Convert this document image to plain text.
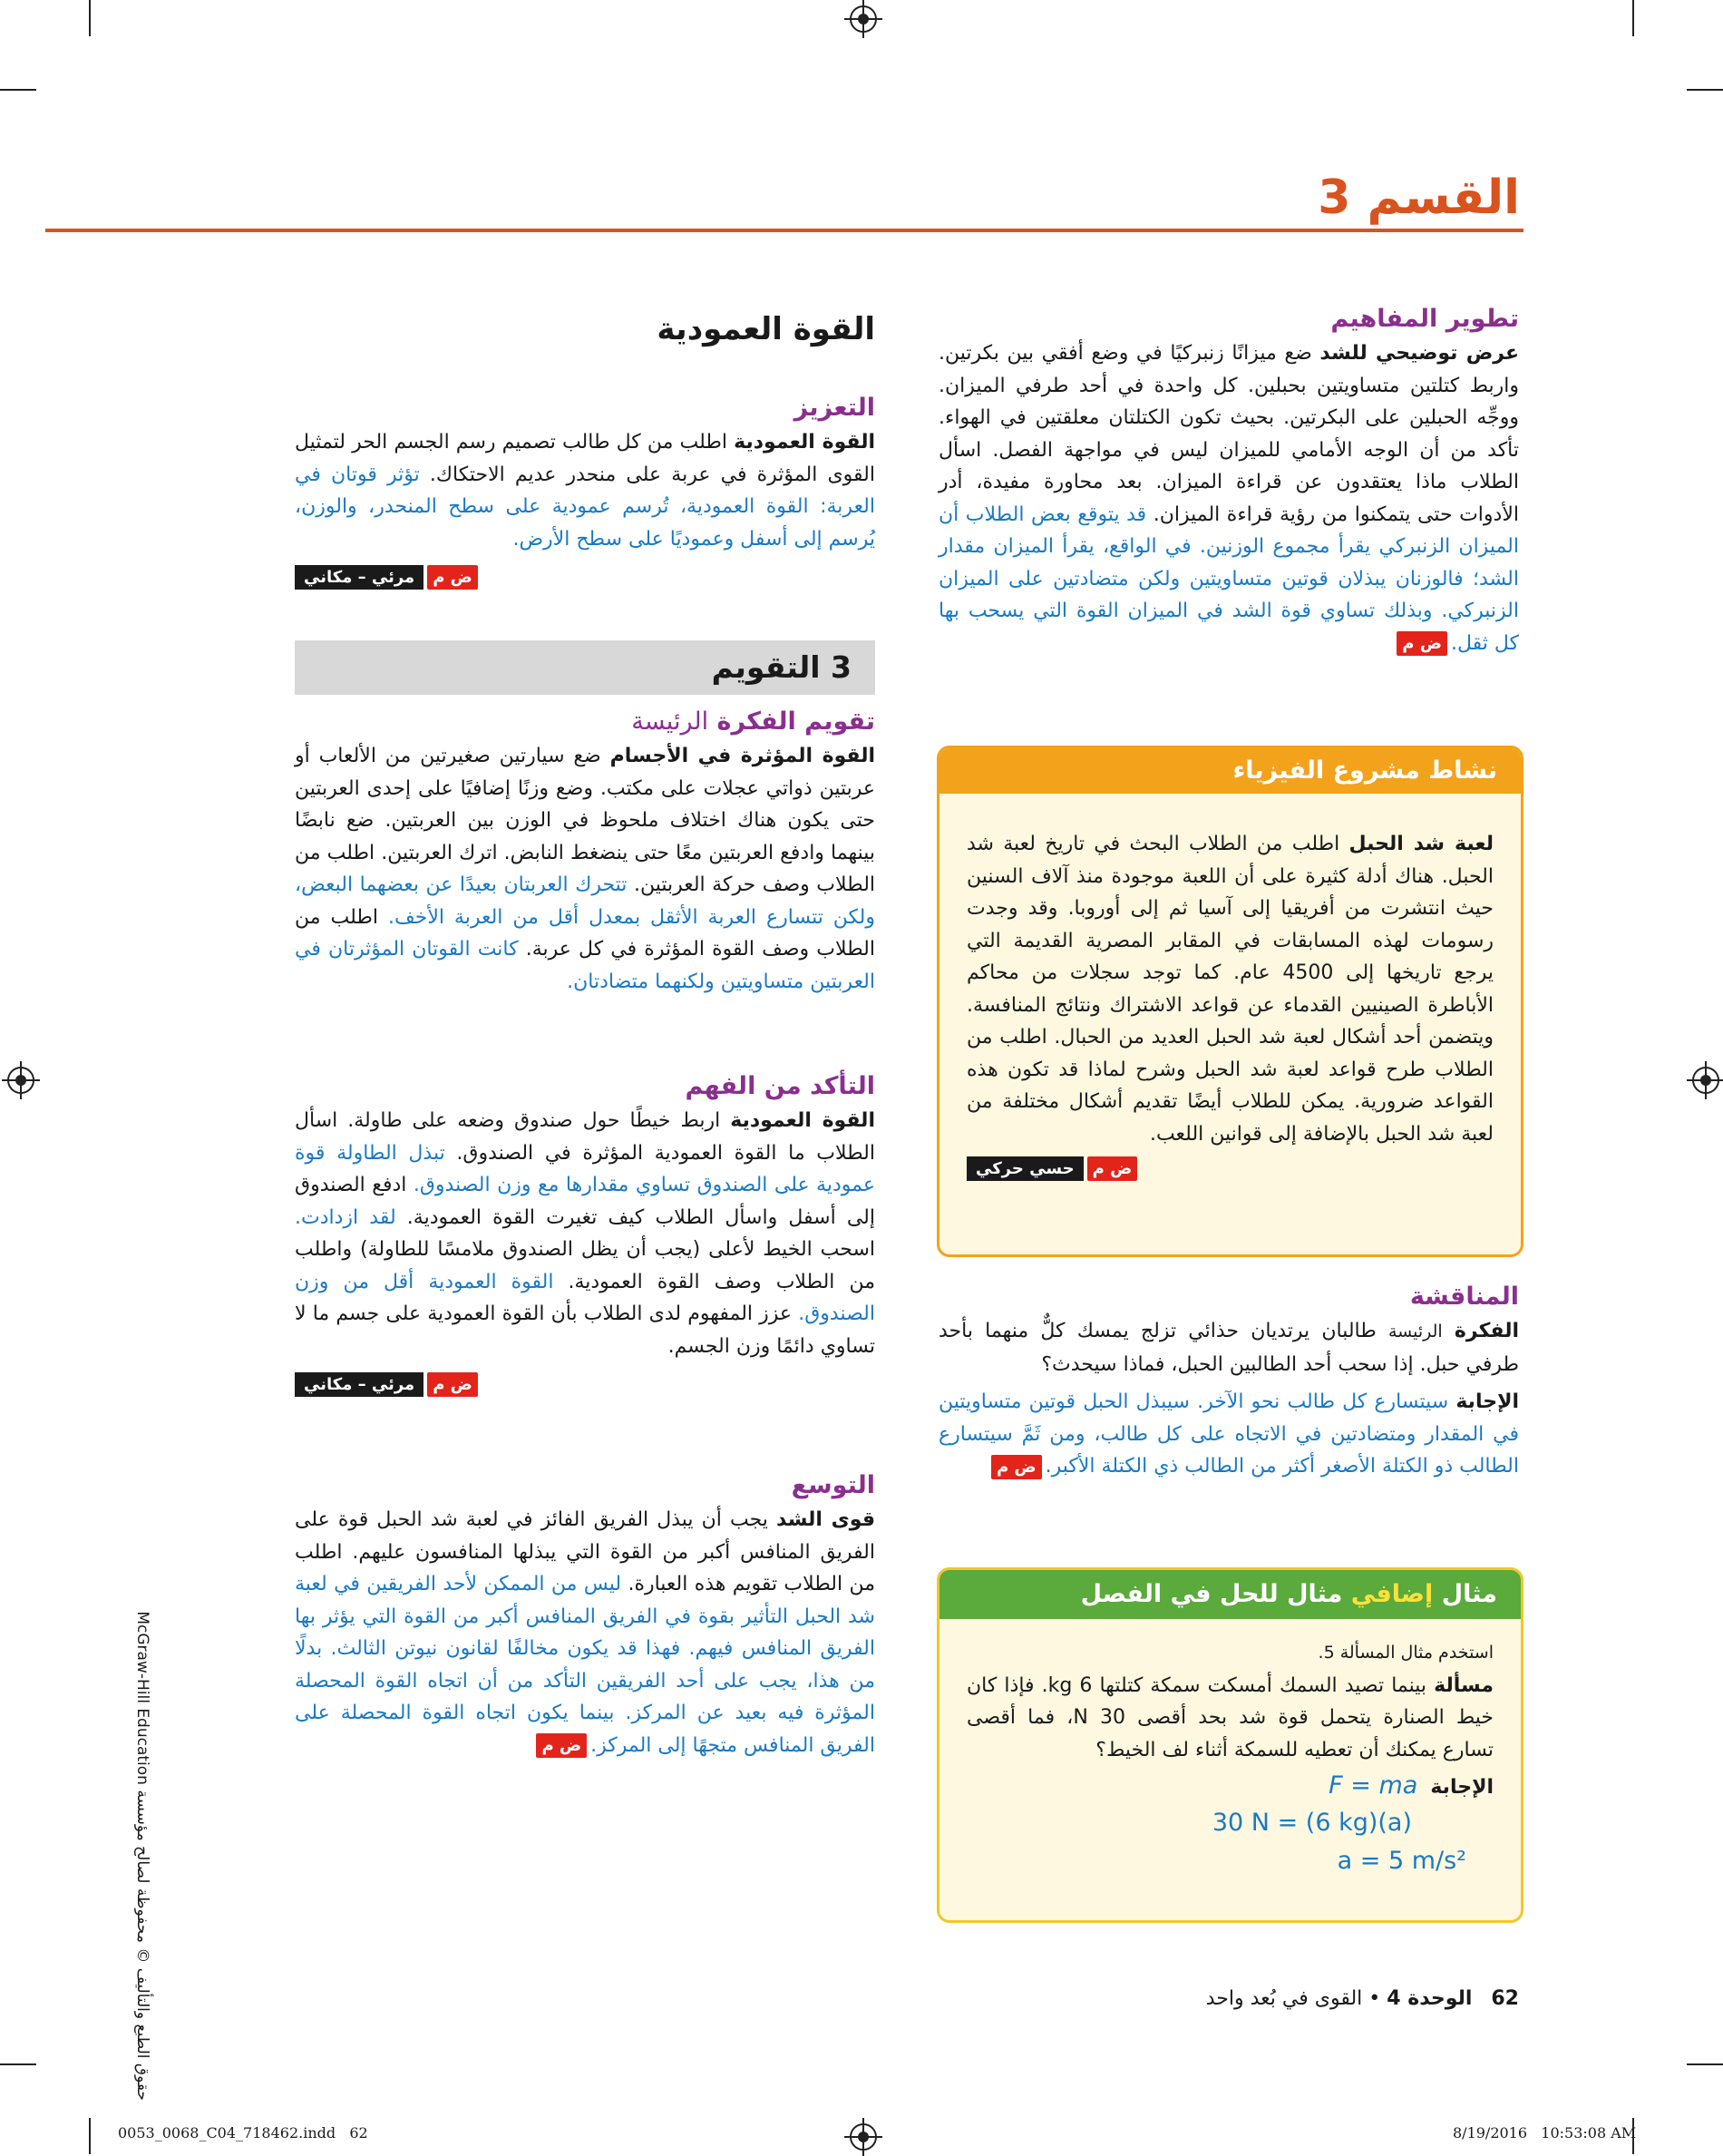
القسم 3
تطوير المفاهيم

عرض توضيحي للشد ضع ميزانًا زنبركيًا في وضع أفقي بين بكرتين. واربط كتلتين متساويتين بحبلين. كل واحدة في أحد طرفي الميزان. ووجِّه الحبلين على البكرتين. بحيث تكون الكتلتان معلقتين في الهواء. تأكد من أن الوجه الأمامي للميزان ليس في مواجهة الفصل. اسأل الطلاب ماذا يعتقدون عن قراءة الميزان. بعد محاورة مفيدة، أدر الأدوات حتى يتمكنوا من رؤية قراءة الميزان. قد يتوقع بعض الطلاب أن الميزان الزنبركي يقرأ مجموع الوزنين. في الواقع، يقرأ الميزان مقدار الشد؛ فالوزنان يبذلان قوتين متساويتين ولكن متضادتين على الميزان الزنبركي. وبذلك تساوي قوة الشد في الميزان القوة التي يسحب بها كل ثقل.ض م

نشاط مشروع الفيزياء
لعبة شد الحبل اطلب من الطلاب البحث في تاريخ لعبة شد الحبل. هناك أدلة كثيرة على أن اللعبة موجودة منذ آلاف السنين حيث انتشرت من أفريقيا إلى آسيا ثم إلى أوروبا. وقد وجدت رسومات لهذه المسابقات في المقابر المصرية القديمة التي يرجع تاريخها إلى 4500 عام. كما توجد سجلات من محاكم الأباطرة الصينيين القدماء عن قواعد الاشتراك ونتائج المنافسة. ويتضمن أحد أشكال لعبة شد الحبل العديد من الحبال. اطلب من الطلاب طرح قواعد لعبة شد الحبل وشرح لماذا قد تكون هذه القواعد ضرورية. يمكن للطلاب أيضًا تقديم أشكال مختلفة من لعبة شد الحبل بالإضافة إلى قوانين اللعب.
ض محسي حركي
المناقشة

الفكرة الرئيسة طالبان يرتديان حذائي تزلج يمسك كلٌّ منهما بأحد طرفي حبل. إذا سحب أحد الطالبين الحبل، فماذا سيحدث؟

الإجابة سيتسارع كل طالب نحو الآخر. سيبذل الحبل قوتين متساويتين في المقدار ومتضادتين في الاتجاه على كل طالب، ومن ثَمَّ سيتسارع الطالب ذو الكتلة الأصغر أكثر من الطالب ذي الكتلة الأكبر.ض م

مثال إضافي مثال للحل في الفصل
استخدم مثال المسألة 5.
مسألة بينما تصيد السمك أمسكت سمكة كتلتها 6 kg. فإذا كان خيط الصنارة يتحمل قوة شد بحد أقصى 30 N، فما أقصى تسارع يمكنك أن تعطيه للسمكة أثناء لف الخيط؟
الإجابة  F = ma
30 N = (6 kg)(a)
a = 5 m/s²
القوة العمودية
التعزيز

القوة العمودية اطلب من كل طالب تصميم رسم الجسم الحر لتمثيل القوى المؤثرة في عربة على منحدر عديم الاحتكاك. تؤثر قوتان في العربة: القوة العمودية، تُرسم عمودية على سطح المنحدر، والوزن، يُرسم إلى أسفل وعموديًا على سطح الأرض.

ض ممرئي – مكاني
3 التقويم
تقويم الفكرة الرئيسة

القوة المؤثرة في الأجسام ضع سيارتين صغيرتين من الألعاب أو عربتين ذواتي عجلات على مكتب. وضع وزنًا إضافيًا على إحدى العربتين حتى يكون هناك اختلاف ملحوظ في الوزن بين العربتين. ضع نابضًا بينهما وادفع العربتين معًا حتى ينضغط النابض. اترك العربتين. اطلب من الطلاب وصف حركة العربتين. تتحرك العربتان بعيدًا عن بعضهما البعض، ولكن تتسارع العربة الأثقل بمعدل أقل من العربة الأخف. اطلب من الطلاب وصف القوة المؤثرة في كل عربة. كانت القوتان المؤثرتان في العربتين متساويتين ولكنهما متضادتان.

التأكد من الفهم

القوة العمودية اربط خيطًا حول صندوق وضعه على طاولة. اسأل الطلاب ما القوة العمودية المؤثرة في الصندوق. تبذل الطاولة قوة عمودية على الصندوق تساوي مقدارها مع وزن الصندوق. ادفع الصندوق إلى أسفل واسأل الطلاب كيف تغيرت القوة العمودية. لقد ازدادت. اسحب الخيط لأعلى (يجب أن يظل الصندوق ملامسًا للطاولة) واطلب من الطلاب وصف القوة العمودية. القوة العمودية أقل من وزن الصندوق. عزز المفهوم لدى الطلاب بأن القوة العمودية على جسم ما لا تساوي دائمًا وزن الجسم.

ض ممرئي – مكاني
التوسع

قوى الشد يجب أن يبذل الفريق الفائز في لعبة شد الحبل قوة على الفريق المنافس أكبر من القوة التي يبذلها المنافسون عليهم. اطلب من الطلاب تقويم هذه العبارة. ليس من الممكن لأحد الفريقين في لعبة شد الحبل التأثير بقوة في الفريق المنافس أكبر من القوة التي يؤثر بها الفريق المنافس فيهم. فهذا قد يكون مخالفًا لقانون نيوتن الثالث. بدلًا من هذا، يجب على أحد الفريقين التأكد من أن اتجاه القوة المحصلة المؤثرة فيه بعيد عن المركز. بينما يكون اتجاه القوة المحصلة على الفريق المنافس متجهًا إلى المركز.ض م

حقوق الطبع والتأليف © محفوظة لصالح مؤسسة McGraw-Hill Education	62   الوحدة 4 • القوى في بُعد واحد
0053_0068_C04_718462.indd   62	8/19/2016   10:53:08 AM
